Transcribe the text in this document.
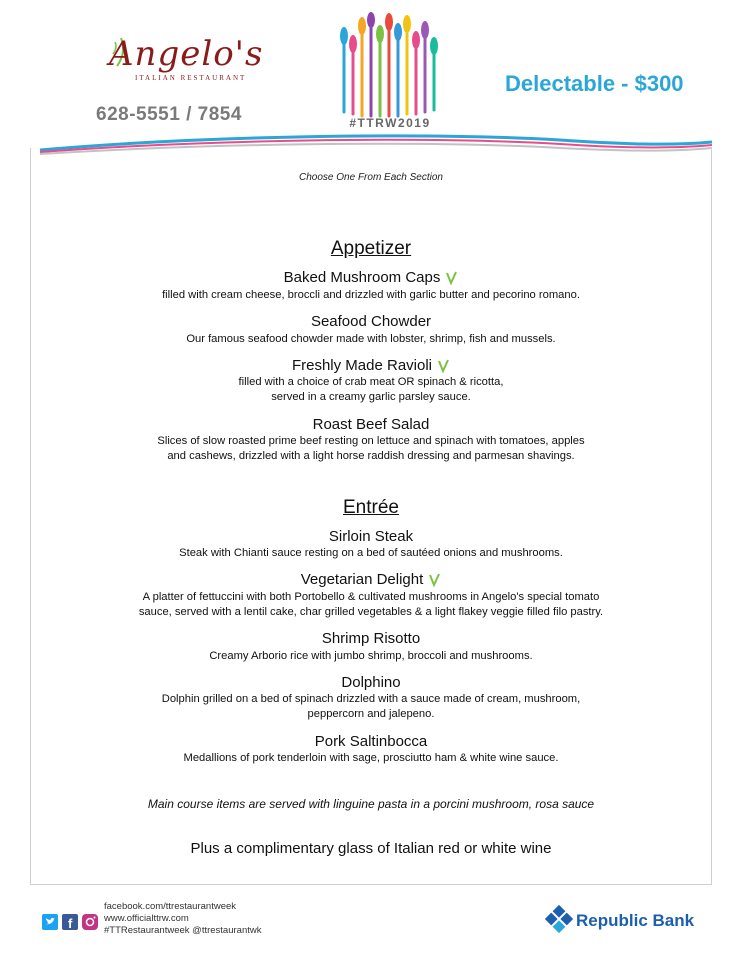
Angelo's
ITALIAN RESTAURANT
628-5551 / 7854	#TTRW2019
Delectable - $300
Choose One From Each Section
Appetizer
Baked Mushroom Caps
filled with cream cheese, broccli and drizzled with garlic butter and pecorino romano.
Seafood Chowder
Our famous seafood chowder made with lobster, shrimp, fish and mussels.
Freshly Made Ravioli
filled with a choice of crab meat OR spinach & ricotta,
served in a creamy garlic parsley sauce.
Roast Beef Salad
Slices of slow roasted prime beef resting on lettuce and spinach with tomatoes, apples
and cashews, drizzled with a light horse raddish dressing and parmesan shavings.
Entrée
Sirloin Steak
Steak with Chianti sauce resting on a bed of sautéed onions and mushrooms.
Vegetarian Delight
A platter of fettuccini with both Portobello & cultivated mushrooms in Angelo's special tomato
sauce, served with a lentil cake, char grilled vegetables & a light flakey veggie filled filo pastry.
Shrimp Risotto
Creamy Arborio rice with jumbo shrimp, broccoli and mushrooms.
Dolphino
Dolphin grilled on a bed of spinach drizzled with a sauce made of cream, mushroom,
peppercorn and jalepeno.
Pork Saltinbocca
Medallions of pork tenderloin with sage, prosciutto ham & white wine sauce.
Main course items are served with linguine pasta in a porcini mushroom, rosa sauce
Plus a complimentary glass of Italian red or white wine
f
facebook.com/ttrestaurantweek
www.officialttrw.com
#TTRestaurantweek @ttrestaurantwk
Republic Bank
